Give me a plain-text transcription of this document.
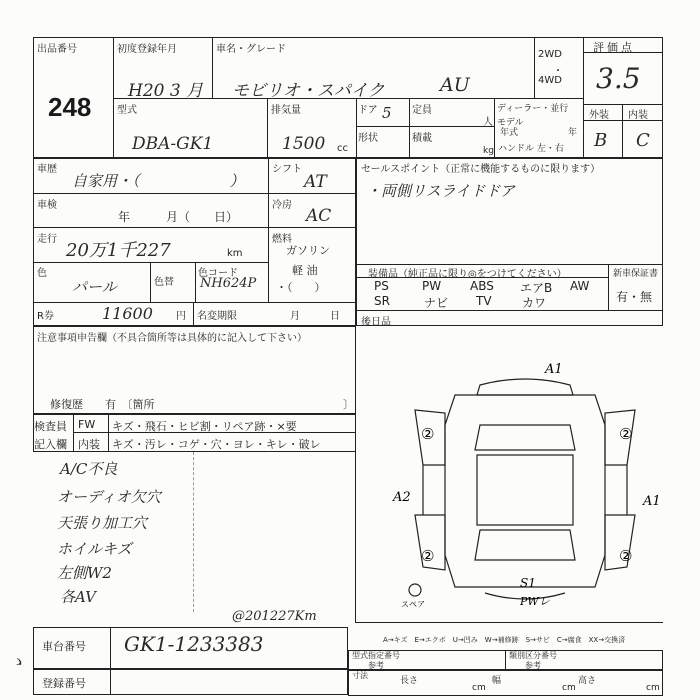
出品番号
248
初度登録年月
H20 3 月
車名・グレード
モビリオ・スパイク	AU
2WD
・
4WD
評価点
3.5
外装 内装
B C
型式
DBA-GK1
排気量
1500 cc
ドア 5 定員
人
形状	積載
kg
ディーラー・並行
モデル
年式	年
ハンドル 左・右
車歴
自家用・（　　　　　　）
車検
年　　　月（　　日）
走行
20万1千227	km
シフト
AT
冷房
AC
燃料
ガソリン
軽 油
・（　　）
色
パール	色替
色コード
NH624P
R券	11600 円 名変期限	月　　　日
セールスポイント（正常に機能するものに限ります）
・両側リスライドドア
装備品（純正品に限り◎をつけてください）	新車保証書
有・無
PS	PW ABS エアB AW
SR	ナビ TV	カワ
後日品
注意事項申告欄（不具合箇所等は具体的に記入して下さい）
修復歴　　有　〔箇所	〕
検査員
記入欄
FW キズ・飛石・ヒビ割・リペア跡・×要
内装 キズ・汚レ・コゲ・穴・ヨレ・キレ・破レ
A/C不良
オーディオ欠穴
天張り加工穴
ホイルキズ
左側W2
各AV
@201227Km
A1
A2	A1
②	②
②	②
S1
PWレ
スペア
A→キズ　E→エクボ　U→凹み　W→補修跡　S→サビ　C→腐食　XX→交換済
ゝ
車台番号 GK1-1233383
登録番号
型式指定番号
参考
類別区分番号
参考
寸法
長さ
cm
幅
cm
高さ
cm
